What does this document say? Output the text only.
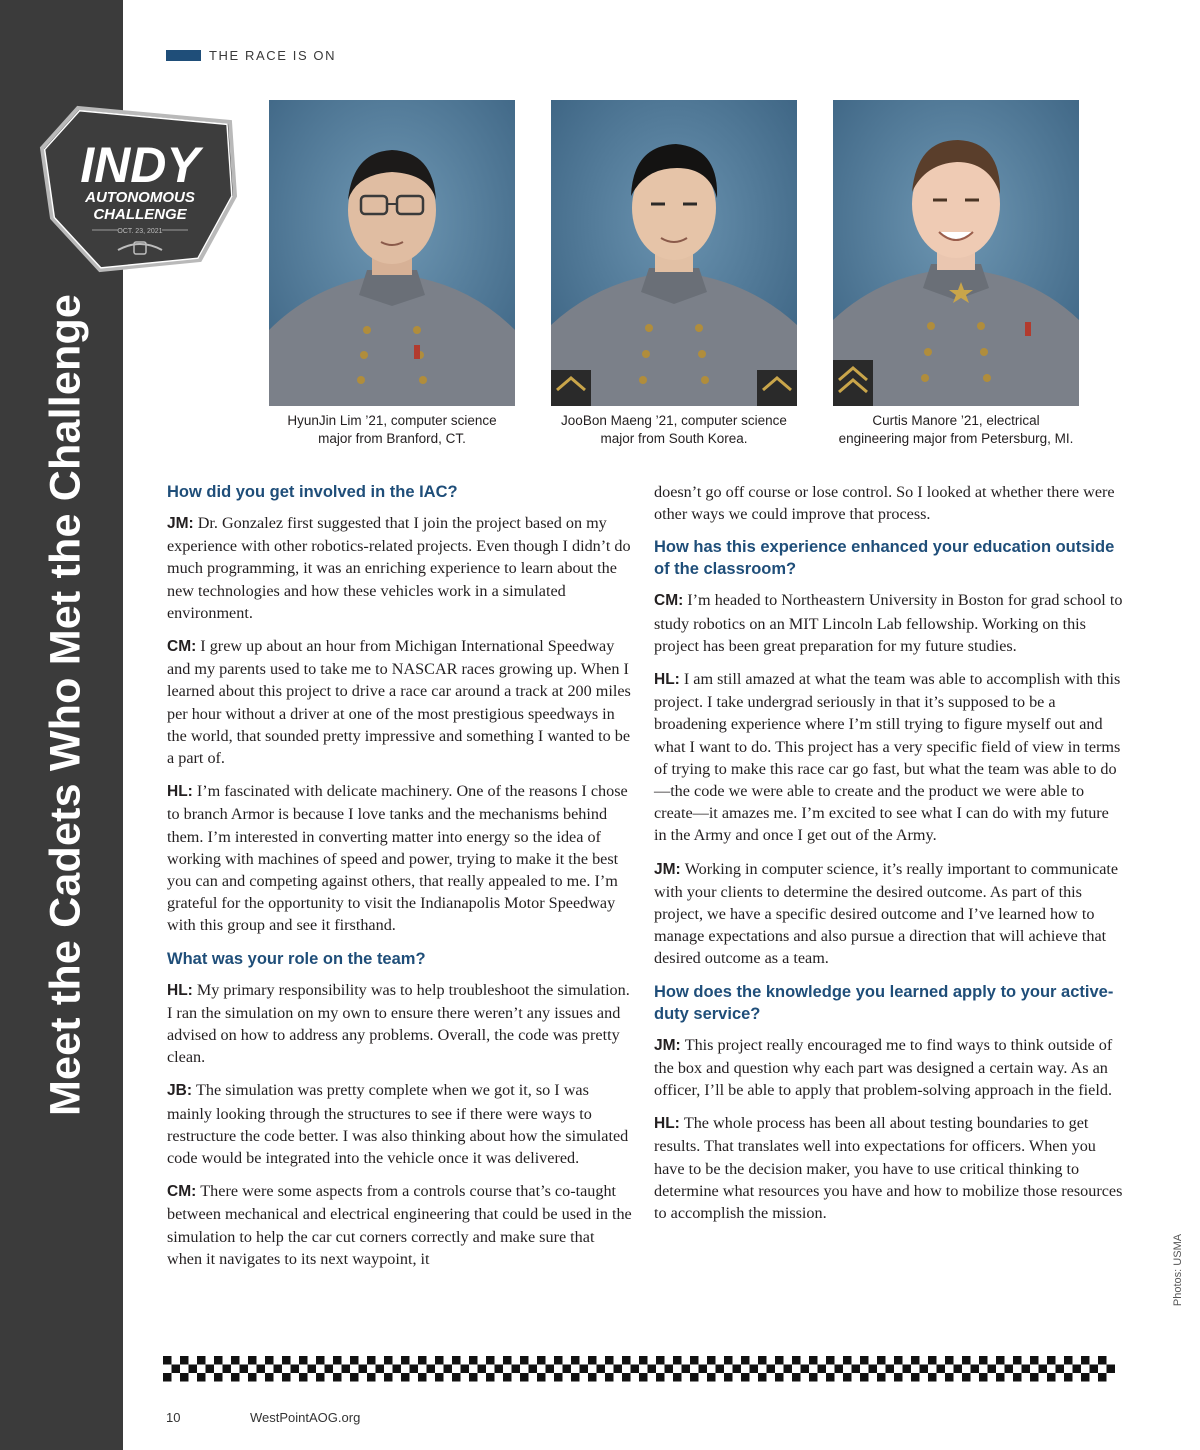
Meet the Cadets Who Met the Challenge
INDY
AUTONOMOUS
CHALLENGE
OCT. 23, 2021
THE RACE IS ON
HyunJin Lim ’21, computer science
major from Branford, CT.
JooBon Maeng ’21, computer science
major from South Korea.
Curtis Manore ’21, electrical
engineering major from Petersburg, MI.
How did you get involved in the IAC?

JM: Dr. Gonzalez first suggested that I join the project based on my experience with other robotics-related projects. Even though I didn’t do much programming, it was an enriching experience to learn about the new technologies and how these vehicles work in a simulated environment.

CM: I grew up about an hour from Michigan International Speedway and my parents used to take me to NASCAR races growing up. When I learned about this project to drive a race car around a track at 200 miles per hour without a driver at one of the most prestigious speedways in the world, that sounded pretty impressive and something I wanted to be a part of.

HL: I’m fascinated with delicate machinery. One of the reasons I chose to branch Armor is because I love tanks and the mechanisms behind them. I’m interested in converting matter into energy so the idea of working with machines of speed and power, trying to make it the best you can and competing against others, that really appealed to me. I’m grateful for the opportunity to visit the Indianapolis Motor Speedway with this group and see it firsthand.

What was your role on the team?

HL: My primary responsibility was to help troubleshoot the simulation. I ran the simulation on my own to ensure there weren’t any issues and advised on how to address any problems. Overall, the code was pretty clean.

JB: The simulation was pretty complete when we got it, so I was mainly looking through the structures to see if there were ways to restructure the code better. I was also thinking about how the simulated code would be integrated into the vehicle once it was delivered.

CM: There were some aspects from a controls course that’s co-taught between mechanical and electrical engineering that could be used in the simulation to help the car cut corners correctly and make sure that when it navigates to its next waypoint, it

doesn’t go off course or lose control. So I looked at whether there were other ways we could improve that process.

How has this experience enhanced your education outside of the classroom?

CM: I’m headed to Northeastern University in Boston for grad school to study robotics on an MIT Lincoln Lab fellowship. Working on this project has been great preparation for my future studies.

HL: I am still amazed at what the team was able to accomplish with this project. I take undergrad seriously in that it’s supposed to be a broadening experience where I’m still trying to figure myself out and what I want to do. This project has a very specific field of view in terms of trying to make this race car go fast, but what the team was able to do—the code we were able to create and the product we were able to create—it amazes me. I’m excited to see what I can do with my future in the Army and once I get out of the Army.

JM: Working in computer science, it’s really important to communicate with your clients to determine the desired outcome. As part of this project, we have a specific desired outcome and I’ve learned how to manage expectations and also pursue a direction that will achieve that desired outcome as a team.

How does the knowledge you learned apply to your active-duty service?

JM: This project really encouraged me to find ways to think outside of the box and question why each part was designed a certain way. As an officer, I’ll be able to apply that problem-solving approach in the field.

HL: The whole process has been all about testing boundaries to get results. That translates well into expectations for officers. When you have to be the decision maker, you have to use critical thinking to determine what resources you have and how to mobilize those resources to accomplish the mission.

Photos: USMA
10	WestPointAOG.org
